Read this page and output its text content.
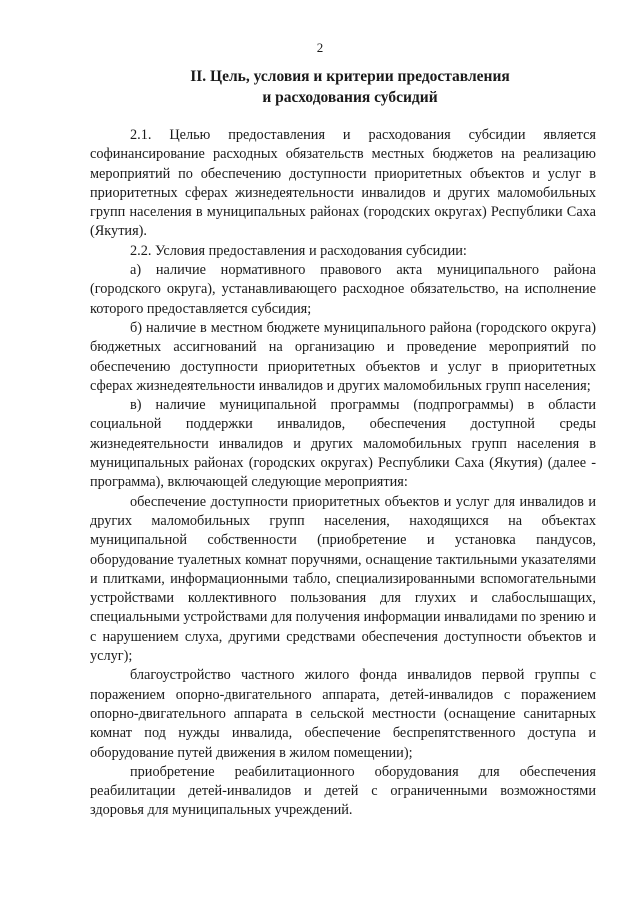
2
II. Цель, условия и критерии предоставления
и расходования субсидий

2.1. Целью предоставления и расходования субсидии является софинансирование расходных обязательств местных бюджетов на реализацию мероприятий по обеспечению доступности приоритетных объектов и услуг в приоритетных сферах жизнедеятельности инвалидов и других маломобильных групп населения в муниципальных районах (городских округах) Республики Саха (Якутия).

2.2. Условия предоставления и расходования субсидии:

а) наличие нормативного правового акта муниципального района (городского округа), устанавливающего расходное обязательство, на исполнение которого предоставляется субсидия;

б) наличие в местном бюджете муниципального района (городского округа) бюджетных ассигнований на организацию и проведение мероприятий по обеспечению доступности приоритетных объектов и услуг в приоритетных сферах жизнедеятельности инвалидов и других маломобильных групп населения;

в) наличие муниципальной программы (подпрограммы) в области социальной поддержки инвалидов, обеспечения доступной среды жизнедеятельности инвалидов и других маломобильных групп населения в муниципальных районах (городских округах) Республики Саха (Якутия) (далее - программа), включающей следующие мероприятия:

обеспечение доступности приоритетных объектов и услуг для инвалидов и других маломобильных групп населения, находящихся на объектах муниципальной собственности (приобретение и установка пандусов, оборудование туалетных комнат поручнями, оснащение тактильными указателями и плитками, информационными табло, специализированными вспомогательными устройствами коллективного пользования для глухих и слабослышащих, специальными устройствами для получения информации инвалидами по зрению и с нарушением слуха, другими средствами обеспечения доступности объектов и услуг);

благоустройство частного жилого фонда инвалидов первой группы с поражением опорно-двигательного аппарата, детей-инвалидов с поражением опорно-двигательного аппарата в сельской местности (оснащение санитарных комнат под нужды инвалида, обеспечение беспрепятственного доступа и оборудование путей движения в жилом помещении);

приобретение реабилитационного оборудования для обеспечения реабилитации детей-инвалидов и детей с ограниченными возможностями здоровья для муниципальных учреждений.
